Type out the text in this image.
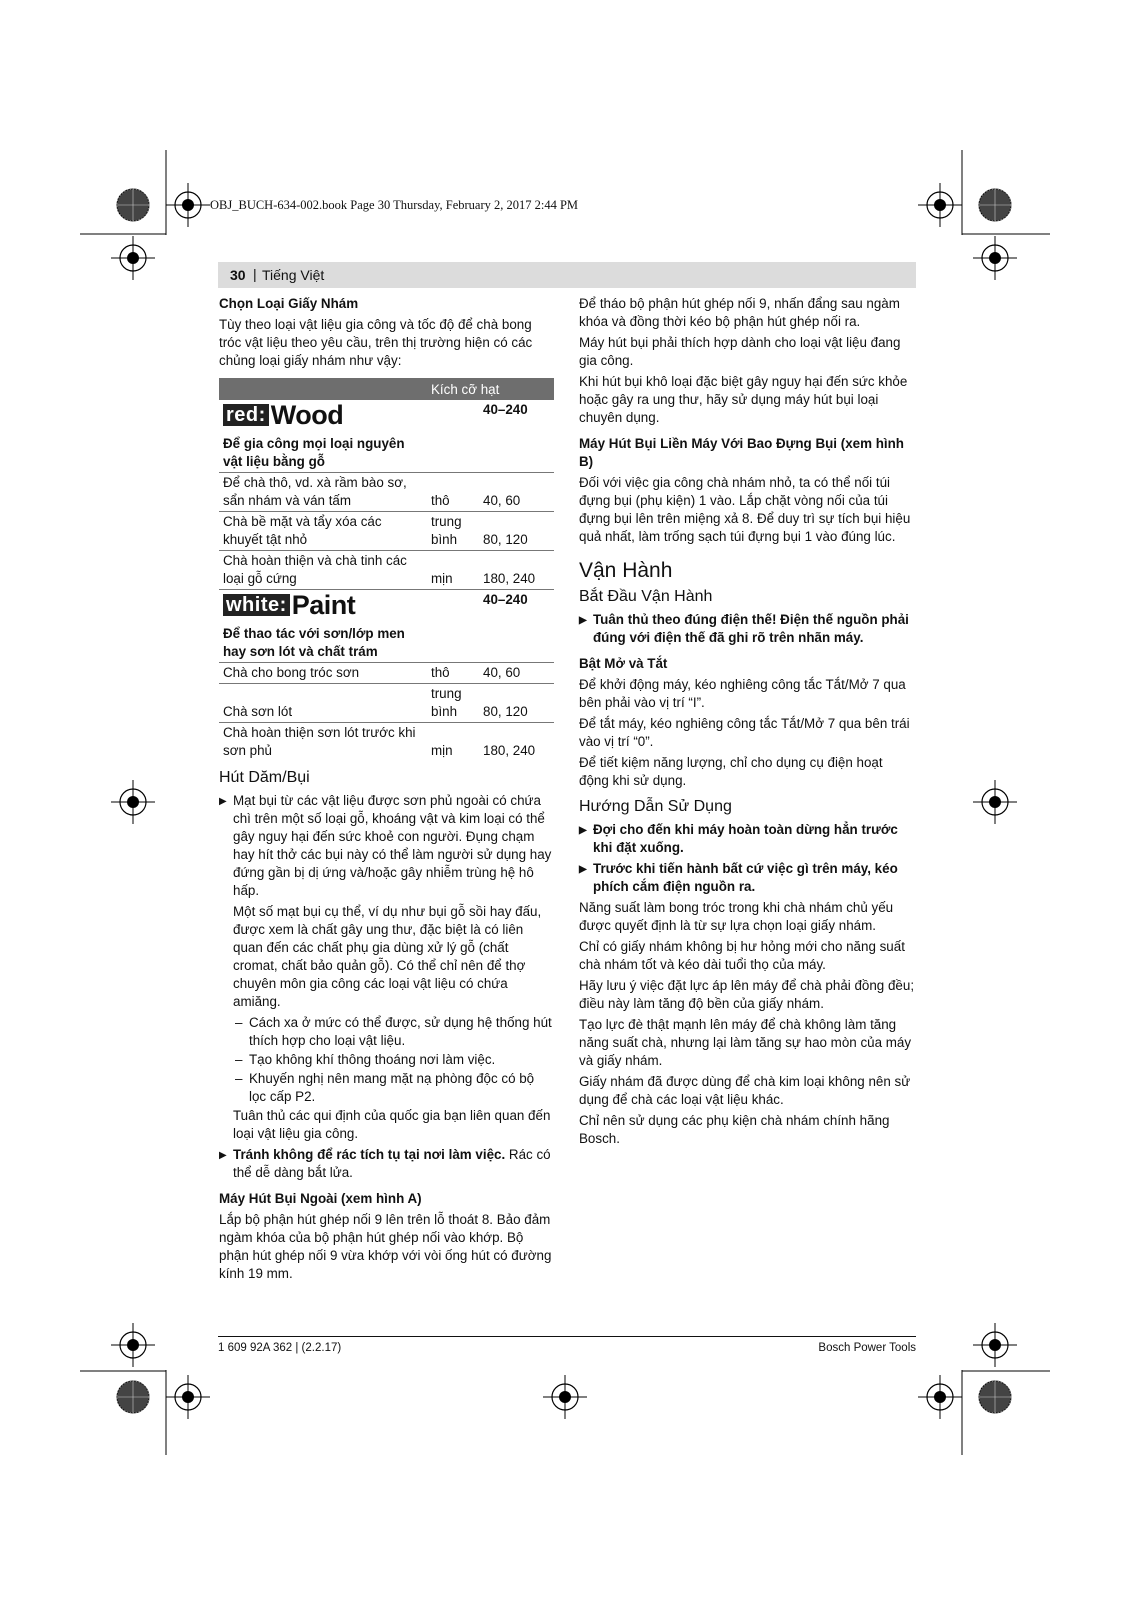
OBJ_BUCH-634-002.book Page 30 Thursday, February 2, 2017 2:44 PM
30 | Tiếng Việt
Chọn Loại Giấy Nhám

Tùy theo loại vật liệu gia công và tốc độ để chà bong tróc vật liệu theo yêu cầu, trên thị trường hiện có các chủng loại giấy nhám như vậy:

	Kích cỡ hạt	

red: Wood		40–240
Để gia công mọi loại nguyên vật liệu bằng gỗ		
Để chà thô, vd. xà rầm bào sơ, sẩn nhám và ván tấm	thô	40, 60
Chà bề mặt và tẩy xóa các khuyết tật nhỏ	trung bình	80, 120
Chà hoàn thiện và chà tinh các loại gỗ cứng	mịn	180, 240

white: Paint		40–240
Để thao tác với sơn/lớp men hay sơn lót và chất trám		
Chà cho bong tróc sơn	thô	40, 60
Chà sơn lót	trung bình	80, 120
Chà hoàn thiện sơn lót trước khi sơn phủ	mịn	180, 240
Hút Dăm/Bụi
▶ Mạt bụi từ các vật liệu được sơn phủ ngoài có chứa chì trên một số loại gỗ, khoáng vật và kim loại có thể gây nguy hại đến sức khoẻ con người. Đụng chạm hay hít thở các bụi này có thể làm người sử dụng hay đứng gần bị dị ứng và/hoặc gây nhiễm trùng hệ hô hấp.

Một số mạt bụi cụ thể, ví dụ như bụi gỗ sồi hay đấu, được xem là chất gây ung thư, đặc biệt là có liên quan đến các chất phụ gia dùng xử lý gỗ (chất cromat, chất bảo quản gỗ). Có thể chỉ nên để thợ chuyên môn gia công các loại vật liệu có chứa amiăng.

– Cách xa ở mức có thể được, sử dụng hệ thống hút thích hợp cho loại vật liệu.
– Tạo không khí thông thoáng nơi làm việc.
– Khuyến nghị nên mang mặt nạ phòng độc có bộ lọc cấp P2.

Tuân thủ các qui định của quốc gia bạn liên quan đến loại vật liệu gia công.

▶ Tránh không để rác tích tụ tại nơi làm việc. Rác có thể dễ dàng bắt lửa.
Máy Hút Bụi Ngoài (xem hình A)

Lắp bộ phận hút ghép nối 9 lên trên lỗ thoát 8. Bảo đảm ngàm khóa của bộ phận hút ghép nối vào khớp. Bộ phận hút ghép nối 9 vừa khớp với vòi ống hút có đường kính 19 mm.

Để tháo bộ phận hút ghép nối 9, nhấn đẩng sau ngàm khóa và đồng thời kéo bộ phận hút ghép nối ra.

Máy hút bụi phải thích hợp dành cho loại vật liệu đang gia công.

Khi hút bụi khô loại đặc biệt gây nguy hại đến sức khỏe hoặc gây ra ung thư, hãy sử dụng máy hút bụi loại chuyên dụng.

Máy Hút Bụi Liền Máy Với Bao Đựng Bụi (xem hình B)

Đối với việc gia công chà nhám nhỏ, ta có thể nối túi đựng bụi (phụ kiện) 1 vào. Lắp chặt vòng nối của túi đựng bụi lên trên miệng xả 8. Để duy trì sự tích bụi hiệu quả nhất, làm trống sạch túi đựng bụi 1 vào đúng lúc.

Vận Hành
Bắt Đầu Vận Hành
▶ Tuân thủ theo đúng điện thế! Điện thế nguồn phải đúng với điện thế đã ghi rõ trên nhãn máy.
Bật Mở và Tắt

Để khởi động máy, kéo nghiêng công tắc Tắt/Mở 7 qua bên phải vào vị trí “I”.

Để tắt máy, kéo nghiêng công tắc Tắt/Mở 7 qua bên trái vào vị trí “0”.

Để tiết kiệm năng lượng, chỉ cho dụng cụ điện hoạt động khi sử dụng.

Hướng Dẫn Sử Dụng
▶ Đợi cho đến khi máy hoàn toàn dừng hẳn trước khi đặt xuống.
▶ Trước khi tiến hành bất cứ việc gì trên máy, kéo phích cắm điện nguồn ra.

Năng suất làm bong tróc trong khi chà nhám chủ yếu được quyết định là từ sự lựa chọn loại giấy nhám.

Chỉ có giấy nhám không bị hư hỏng mới cho năng suất chà nhám tốt và kéo dài tuổi thọ của máy.

Hãy lưu ý việc đặt lực áp lên máy để chà phải đồng đều; điều này làm tăng độ bền của giấy nhám.

Tạo lực đè thật mạnh lên máy để chà không làm tăng năng suất chà, nhưng lại làm tăng sự hao mòn của máy và giấy nhám.

Giấy nhám đã được dùng để chà kim loại không nên sử dụng để chà các loại vật liệu khác.

Chỉ nên sử dụng các phụ kiện chà nhám chính hãng Bosch.

1 609 92A 362 | (2.2.17)	Bosch Power Tools
